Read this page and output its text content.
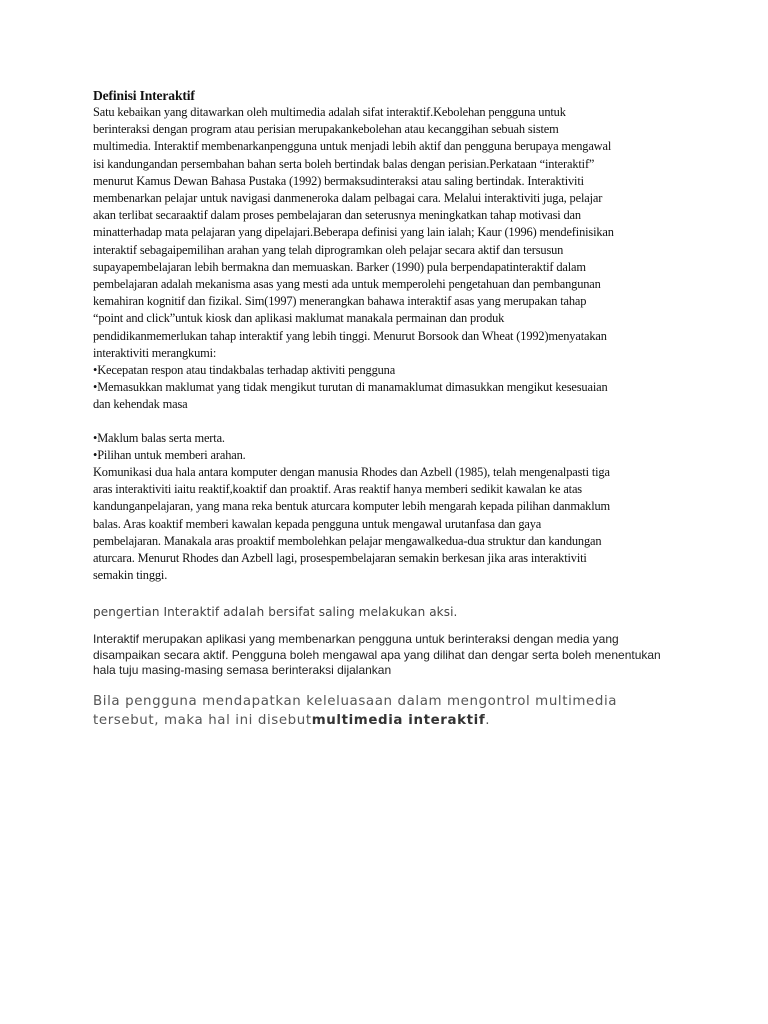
Definisi Interaktif

Satu kebaikan yang ditawarkan oleh multimedia adalah sifat interaktif.Kebolehan pengguna untuk
berinteraksi dengan program atau perisian merupakankebolehan atau kecanggihan sebuah sistem
multimedia. Interaktif membenarkanpengguna untuk menjadi lebih aktif dan pengguna berupaya mengawal
isi kandungandan persembahan bahan serta boleh bertindak balas dengan perisian.Perkataan “interaktif”
menurut Kamus Dewan Bahasa Pustaka (1992) bermaksudinteraksi atau saling bertindak. Interaktiviti
membenarkan pelajar untuk navigasi danmeneroka dalam pelbagai cara. Melalui interaktiviti juga, pelajar
akan terlibat secaraaktif dalam proses pembelajaran dan seterusnya meningkatkan tahap motivasi dan
minatterhadap mata pelajaran yang dipelajari.Beberapa definisi yang lain ialah; Kaur (1996) mendefinisikan
interaktif sebagaipemilihan arahan yang telah diprogramkan oleh pelajar secara aktif dan tersusun
supayapembelajaran lebih bermakna dan memuaskan. Barker (1990) pula berpendapatinteraktif dalam
pembelajaran adalah mekanisma asas yang mesti ada untuk memperolehi pengetahuan dan pembangunan
kemahiran kognitif dan fizikal. Sim(1997) menerangkan bahawa interaktif asas yang merupakan tahap
“point and click”untuk kiosk dan aplikasi maklumat manakala permainan dan produk
pendidikanmemerlukan tahap interaktif yang lebih tinggi. Menurut Borsook dan Wheat (1992)menyatakan
interaktiviti merangkumi:
•Kecepatan respon atau tindakbalas terhadap aktiviti pengguna
•Memasukkan maklumat yang tidak mengikut turutan di manamaklumat dimasukkan mengikut kesesuaian
dan kehendak masa
•Maklum balas serta merta.
•Pilihan untuk memberi arahan.
Komunikasi dua hala antara komputer dengan manusia Rhodes dan Azbell (1985), telah mengenalpasti tiga
aras interaktiviti iaitu reaktif,koaktif dan proaktif. Aras reaktif hanya memberi sedikit kawalan ke atas
kandunganpelajaran, yang mana reka bentuk aturcara komputer lebih mengarah kepada pilihan danmaklum
balas. Aras koaktif memberi kawalan kepada pengguna untuk mengawal urutanfasa dan gaya
pembelajaran. Manakala aras proaktif membolehkan pelajar mengawalkedua-dua struktur dan kandungan
aturcara. Menurut Rhodes dan Azbell lagi, prosespembelajaran semakin berkesan jika aras interaktiviti
semakin tinggi.
pengertian Interaktif adalah bersifat saling melakukan aksi.
Interaktif merupakan aplikasi yang membenarkan pengguna untuk berinteraksi dengan media yang
disampaikan secara aktif. Pengguna boleh mengawal apa yang dilihat dan dengar serta boleh menentukan
hala tuju masing-masing semasa berinteraksi dijalankan
Bila pengguna mendapatkan keleluasaan dalam mengontrol multimedia
tersebut, maka hal ini disebutmultimedia interaktif.
